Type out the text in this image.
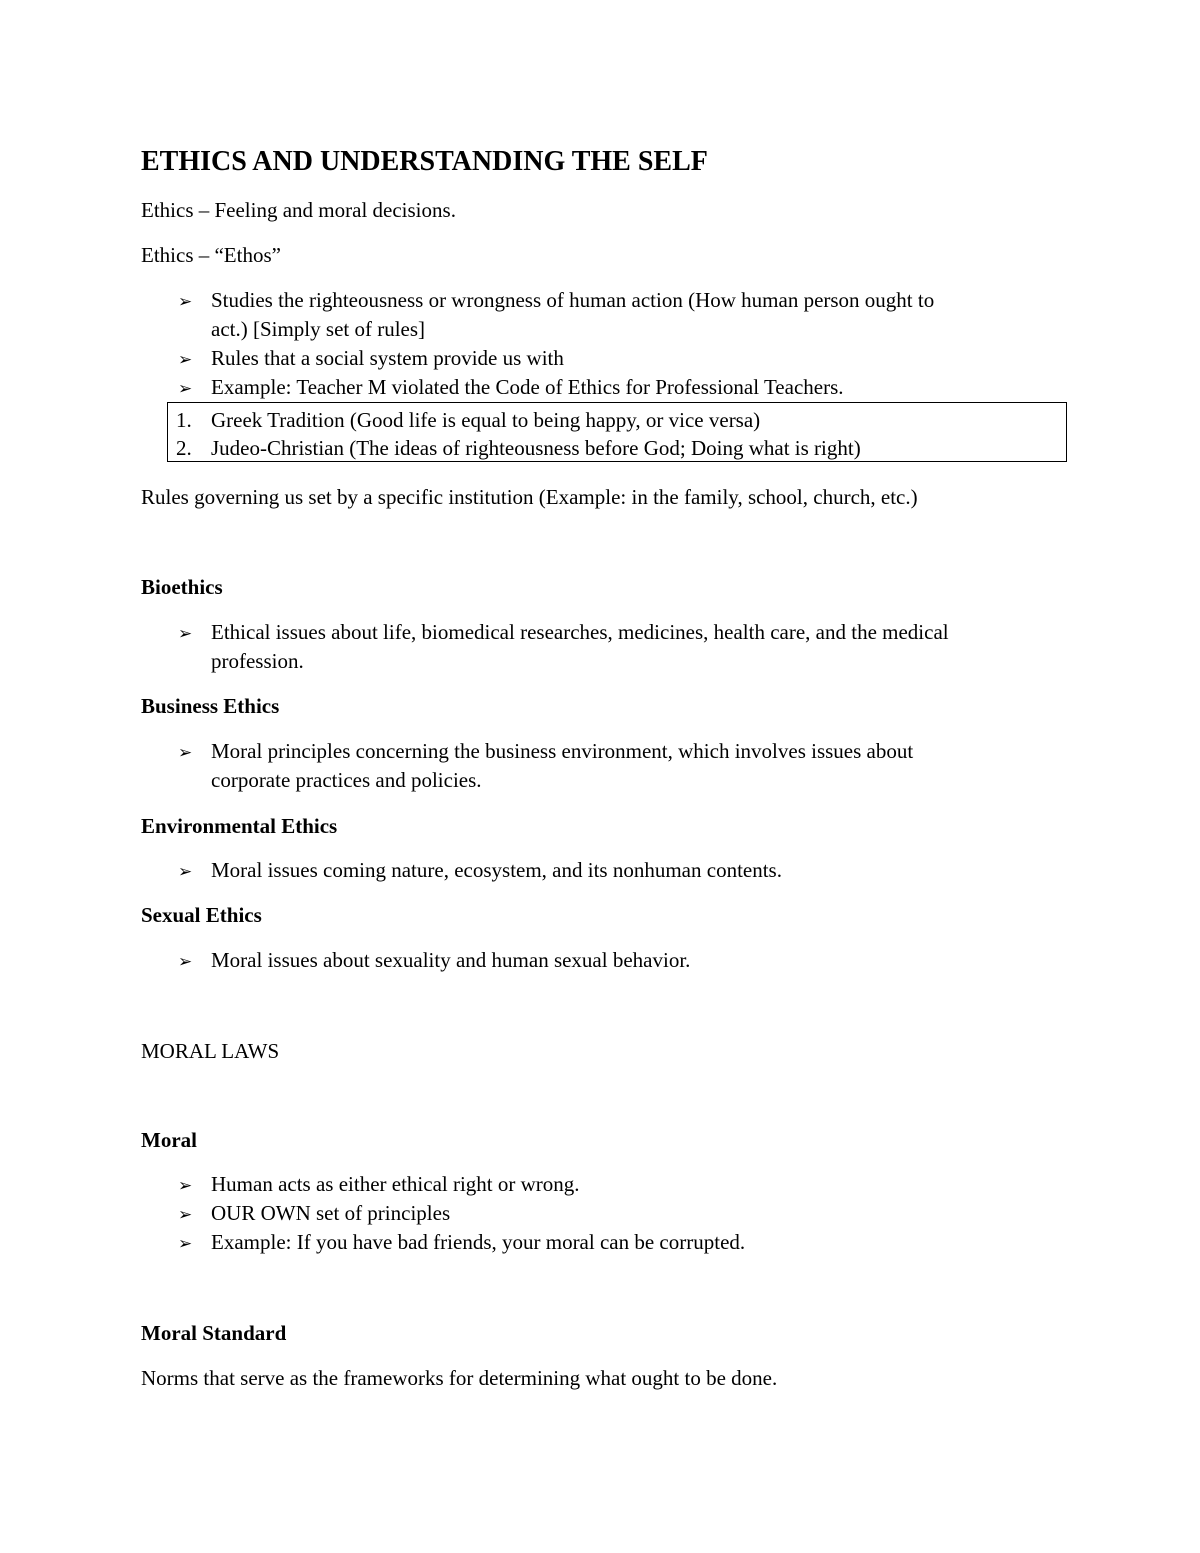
ETHICS AND UNDERSTANDING THE SELF
Ethics – Feeling and moral decisions.
Ethics – “Ethos”
➢ Studies the righteousness or wrongness of human action (How human person ought to
act.) [Simply set of rules]
➢ Rules that a social system provide us with
➢ Example: Teacher M violated the Code of Ethics for Professional Teachers.
1. Greek Tradition (Good life is equal to being happy, or vice versa)
2. Judeo-Christian (The ideas of righteousness before God; Doing what is right)
Rules governing us set by a specific institution (Example: in the family, school, church, etc.)
Bioethics
➢ Ethical issues about life, biomedical researches, medicines, health care, and the medical
profession.
Business Ethics
➢ Moral principles concerning the business environment, which involves issues about
corporate practices and policies.
Environmental Ethics
➢ Moral issues coming nature, ecosystem, and its nonhuman contents.
Sexual Ethics
➢ Moral issues about sexuality and human sexual behavior.
MORAL LAWS
Moral
➢ Human acts as either ethical right or wrong.
➢ OUR OWN set of principles
➢ Example: If you have bad friends, your moral can be corrupted.
Moral Standard
Norms that serve as the frameworks for determining what ought to be done.
